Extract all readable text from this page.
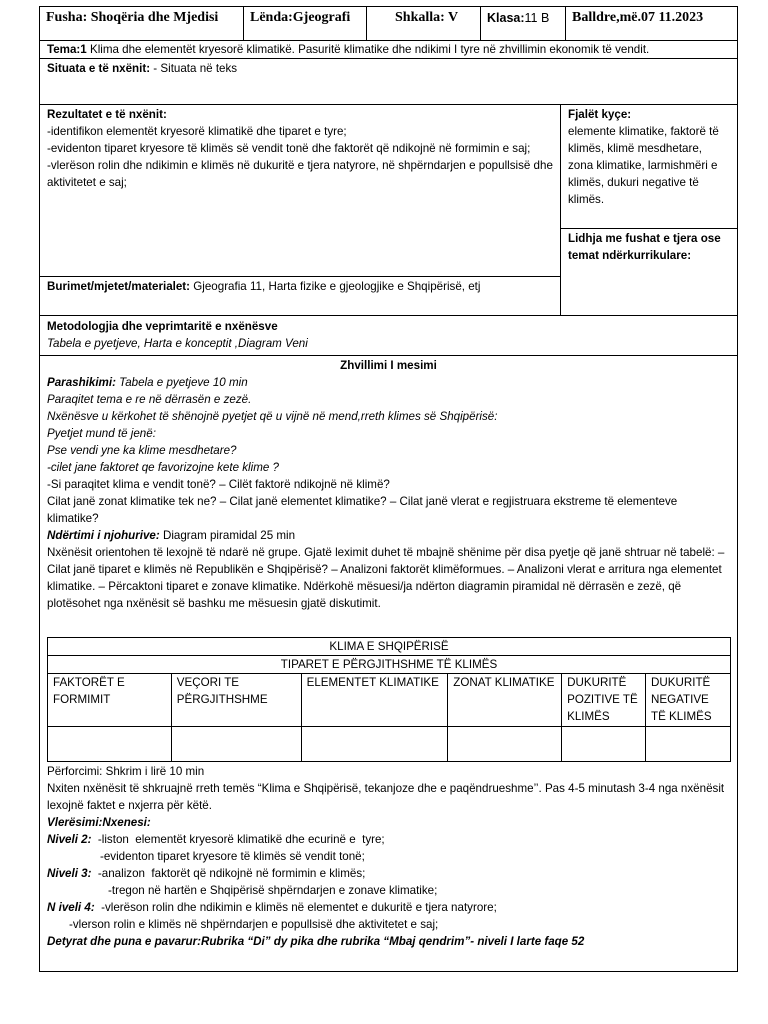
Fusha: Shoqëria dhe Mjedisi	Lënda:Gjeografi	Shkalla: V	Klasa:11 B	Balldre,më.07 11.2023
Tema:1 Klima dhe elementët kryesorë klimatikë. Pasuritë klimatike dhe ndikimi I tyre në zhvillimin ekonomik të vendit.
Situata e të nxënit: - Situata në teks
Rezultatet e të nxënit:
-identifikon elementët kryesorë klimatikë dhe tiparet e tyre;
-evidenton tiparet kryesore të klimës së vendit tonë dhe faktorët që ndikojnë në formimin e saj;
-vlerëson rolin dhe ndikimin e klimës në dukuritë e tjera natyrore, në shpërndarjen e popullsisë dhe aktivitetet e saj;
Fjalët kyçe:
elemente klimatike, faktorë të klimës, klimë mesdhetare, zona klimatike, larmishmëri e klimës, dukuri negative të klimës.
Lidhja me fushat e tjera ose temat ndërkurrikulare:
Burimet/mjetet/materialet: Gjeografia 11, Harta fizike e gjeologjike e Shqipërisë, etj
Metodologjia dhe veprimtaritë e nxënësve
Tabela e pyetjeve, Harta e konceptit ,Diagram Veni
Zhvillimi I mesimi
Parashikimi: Tabela e pyetjeve 10 min
Paraqitet tema e re në dërrasën e zezë.
Nxënësve u kërkohet të shënojnë pyetjet që u vijnë në mend,rreth klimes së Shqipërisë:
Pyetjet mund të jenë:
Pse vendi yne ka klime mesdhetare?
-cilet jane faktoret qe favorizojne kete klime ?
-Si paraqitet klima e vendit tonë? – Cilët faktorë ndikojnë në klimë?
Cilat janë zonat klimatike tek ne? – Cilat janë elementet klimatike? – Cilat janë vlerat e regjistruara ekstreme të elementeve klimatike?
Ndërtimi i njohurive: Diagram piramidal 25 min
Nxënësit orientohen të lexojnë të ndarë në grupe. Gjatë leximit duhet të mbajnë shënime për disa pyetje që janë shtruar në tabelë: – Cilat janë tiparet e klimës në Republikën e Shqipërisë? – Analizoni faktorët klimëformues. – Analizoni vlerat e arritura nga elementet klimatike. – Përcaktoni tiparet e zonave klimatike. Ndërkohë mësuesi/ja ndërton diagramin piramidal në dërrasën e zezë, që plotësohet nga nxënësit së bashku me mësuesin gjatë diskutimit.
KLIMA E SHQIPËRISË					
TIPARET E PËRGJITHSHME TË KLIMËS					
FAKTORËT E FORMIMIT	VEÇORI TE PËRGJITHSHME	ELEMENTET KLIMATIKE	ZONAT KLIMATIKE	DUKURITË POZITIVE TË KLIMËS	DUKURITË NEGATIVE TË KLIMËS

Përforcimi: Shkrim i lirë 10 min
Nxiten nxënësit të shkruajnë rreth temës “Klima e Shqipërisë, tekanjoze dhe e paqëndrueshme’’. Pas 4-5 minutash 3-4 nga nxënësit lexojnë faktet e nxjerra për këtë.
Vlerësimi:Nxenesi:
Niveli 2:  -liston  elementët kryesorë klimatikë dhe ecurinë e  tyre;
-evidenton tiparet kryesore të klimës së vendit tonë;
Niveli 3:  -analizon  faktorët që ndikojnë në formimin e klimës;
-tregon në hartën e Shqipërisë shpërndarjen e zonave klimatike;
N iveli 4:  -vlerëson rolin dhe ndikimin e klimës në elementet e dukuritë e tjera natyrore;
-vlerson rolin e klimës në shpërndarjen e popullsisë dhe aktivitetet e saj;
Detyrat dhe puna e pavarur:Rubrika “Di” dy pika dhe rubrika “Mbaj qendrim”- niveli I larte faqe 52
